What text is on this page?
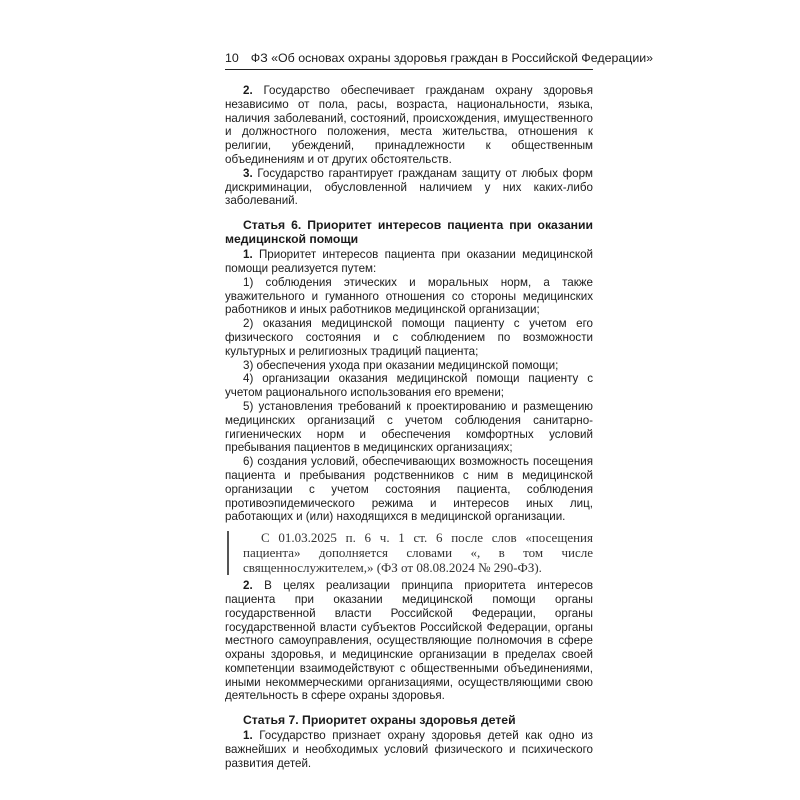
10 ФЗ «Об основах охраны здоровья граждан в Российской Федерации»

2. Государство обеспечивает гражданам охрану здоровья независимо от пола, расы, возраста, национальности, языка, наличия заболеваний, состояний, происхождения, имущественного и должностного положения, места жительства, отношения к религии, убеждений, принадлежности к общественным объединениям и от других обстоятельств.

3. Государство гарантирует гражданам защиту от любых форм дискриминации, обусловленной наличием у них каких-либо заболеваний.

Статья 6. Приоритет интересов пациента при оказании медицинской помощи

1. Приоритет интересов пациента при оказании медицинской помощи реализуется путем:

1) соблюдения этических и моральных норм, а также уважительного и гуманного отношения со стороны медицинских работников и иных работников медицинской организации;

2) оказания медицинской помощи пациенту с учетом его физического состояния и с соблюдением по возможности культурных и религиозных традиций пациента;

3) обеспечения ухода при оказании медицинской помощи;

4) организации оказания медицинской помощи пациенту с учетом рационального использования его времени;

5) установления требований к проектированию и размещению медицинских организаций с учетом соблюдения санитарно-гигиенических норм и обеспечения комфортных условий пребывания пациентов в медицинских организациях;

6) создания условий, обеспечивающих возможность посещения пациента и пребывания родственников с ним в медицинской организации с учетом состояния пациента, соблюдения противоэпидемического режима и интересов иных лиц, работающих и (или) находящихся в медицинской организации.

С 01.03.2025 п. 6 ч. 1 ст. 6 после слов «посещения пациента» дополняется словами «, в том числе священнослужителем,» (ФЗ от 08.08.2024 № 290-ФЗ).

2. В целях реализации принципа приоритета интересов пациента при оказании медицинской помощи органы государственной власти Российской Федерации, органы государственной власти субъектов Российской Федерации, органы местного самоуправления, осуществляющие полномочия в сфере охраны здоровья, и медицинские организации в пределах своей компетенции взаимодействуют с общественными объединениями, иными некоммерческими организациями, осуществляющими свою деятельность в сфере охраны здоровья.

Статья 7. Приоритет охраны здоровья детей

1. Государство признает охрану здоровья детей как одно из важнейших и необходимых условий физического и психического развития детей.
